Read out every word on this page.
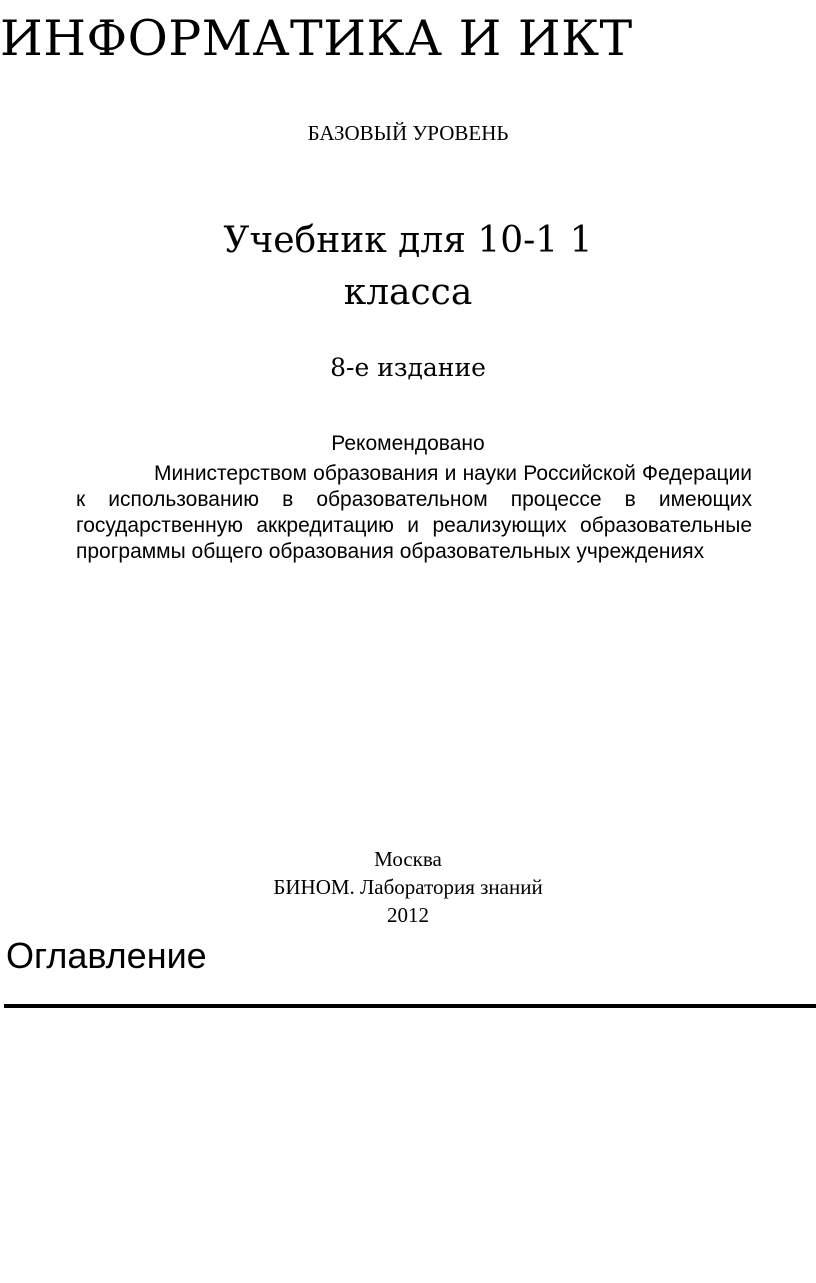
ИНФОРМАТИКА И ИКТ
БАЗОВЫЙ УРОВЕНЬ
Учебник для 10-1 1
класса
8-е издание
Рекомендовано

Министерством образования и науки Российской Федерации к использованию в образовательном процессе в имеющих государственную аккредитацию и реализующих образовательные программы общего образования образовательных учреждениях

Москва
БИНОМ. Лаборатория знаний
2012
Оглавление
